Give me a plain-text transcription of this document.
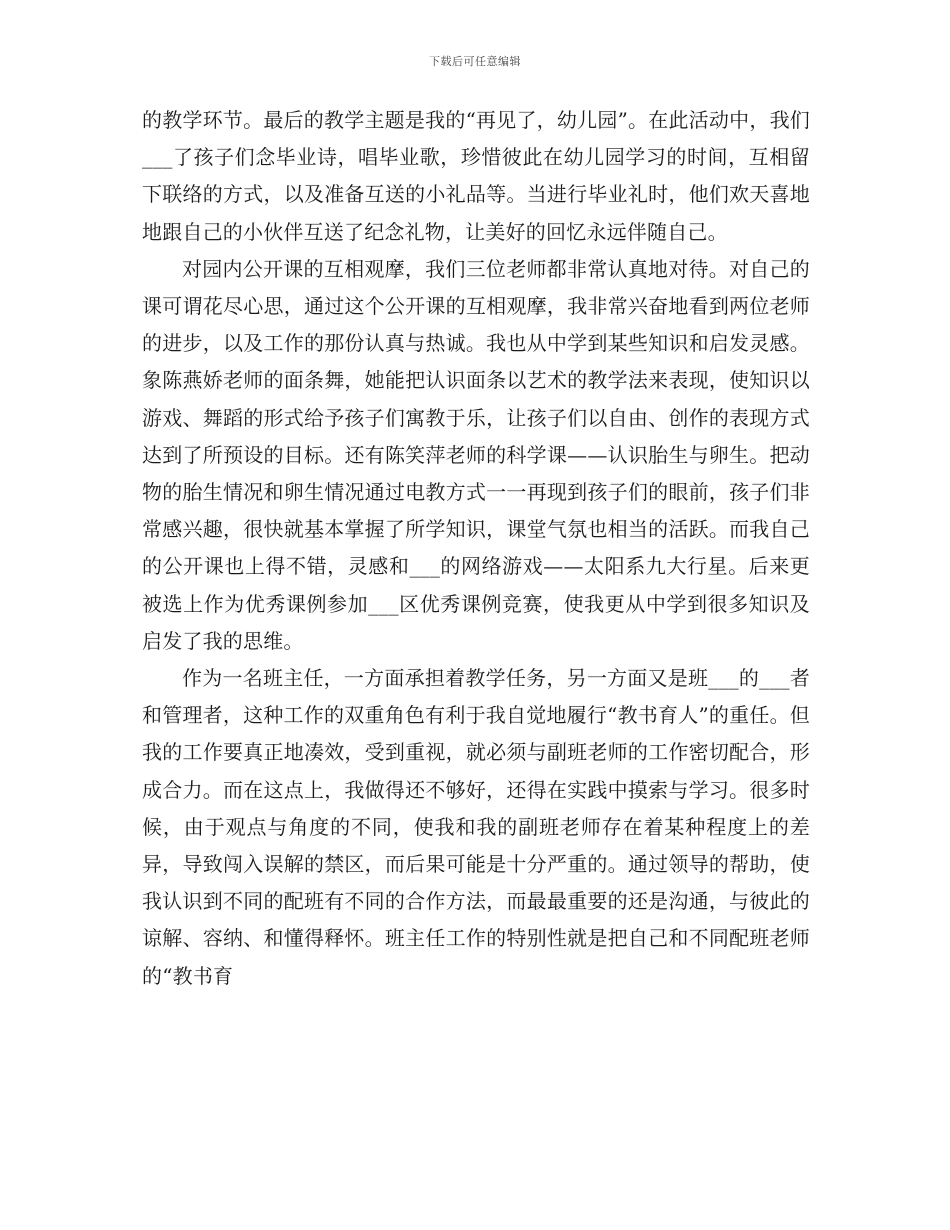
下载后可任意编辑

的教学环节。最后的教学主题是我的“再见了，幼儿园”。在此活动中，我们___了孩子们念毕业诗，唱毕业歌，珍惜彼此在幼儿园学习的时间，互相留下联络的方式，以及准备互送的小礼品等。当进行毕业礼时，他们欢天喜地地跟自己的小伙伴互送了纪念礼物，让美好的回忆永远伴随自己。

对园内公开课的互相观摩，我们三位老师都非常认真地对待。对自己的课可谓花尽心思，通过这个公开课的互相观摩，我非常兴奋地看到两位老师的进步，以及工作的那份认真与热诚。我也从中学到某些知识和启发灵感。象陈燕娇老师的面条舞，她能把认识面条以艺术的教学法来表现，使知识以游戏、舞蹈的形式给予孩子们寓教于乐，让孩子们以自由、创作的表现方式达到了所预设的目标。还有陈笑萍老师的科学课——认识胎生与卵生。把动物的胎生情况和卵生情况通过电教方式一一再现到孩子们的眼前，孩子们非常感兴趣，很快就基本掌握了所学知识，课堂气氛也相当的活跃。而我自己的公开课也上得不错，灵感和___的网络游戏——太阳系九大行星。后来更被选上作为优秀课例参加___区优秀课例竞赛，使我更从中学到很多知识及启发了我的思维。

作为一名班主任，一方面承担着教学任务，另一方面又是班___的___者和管理者，这种工作的双重角色有利于我自觉地履行“教书育人”的重任。但我的工作要真正地凑效，受到重视，就必须与副班老师的工作密切配合，形成合力。而在这点上，我做得还不够好，还得在实践中摸索与学习。很多时候，由于观点与角度的不同，使我和我的副班老师存在着某种程度上的差异，导致闯入误解的禁区，而后果可能是十分严重的。通过领导的帮助，使我认识到不同的配班有不同的合作方法，而最最重要的还是沟通，与彼此的谅解、容纳、和懂得释怀。班主任工作的特别性就是把自己和不同配班老师的“教书育
